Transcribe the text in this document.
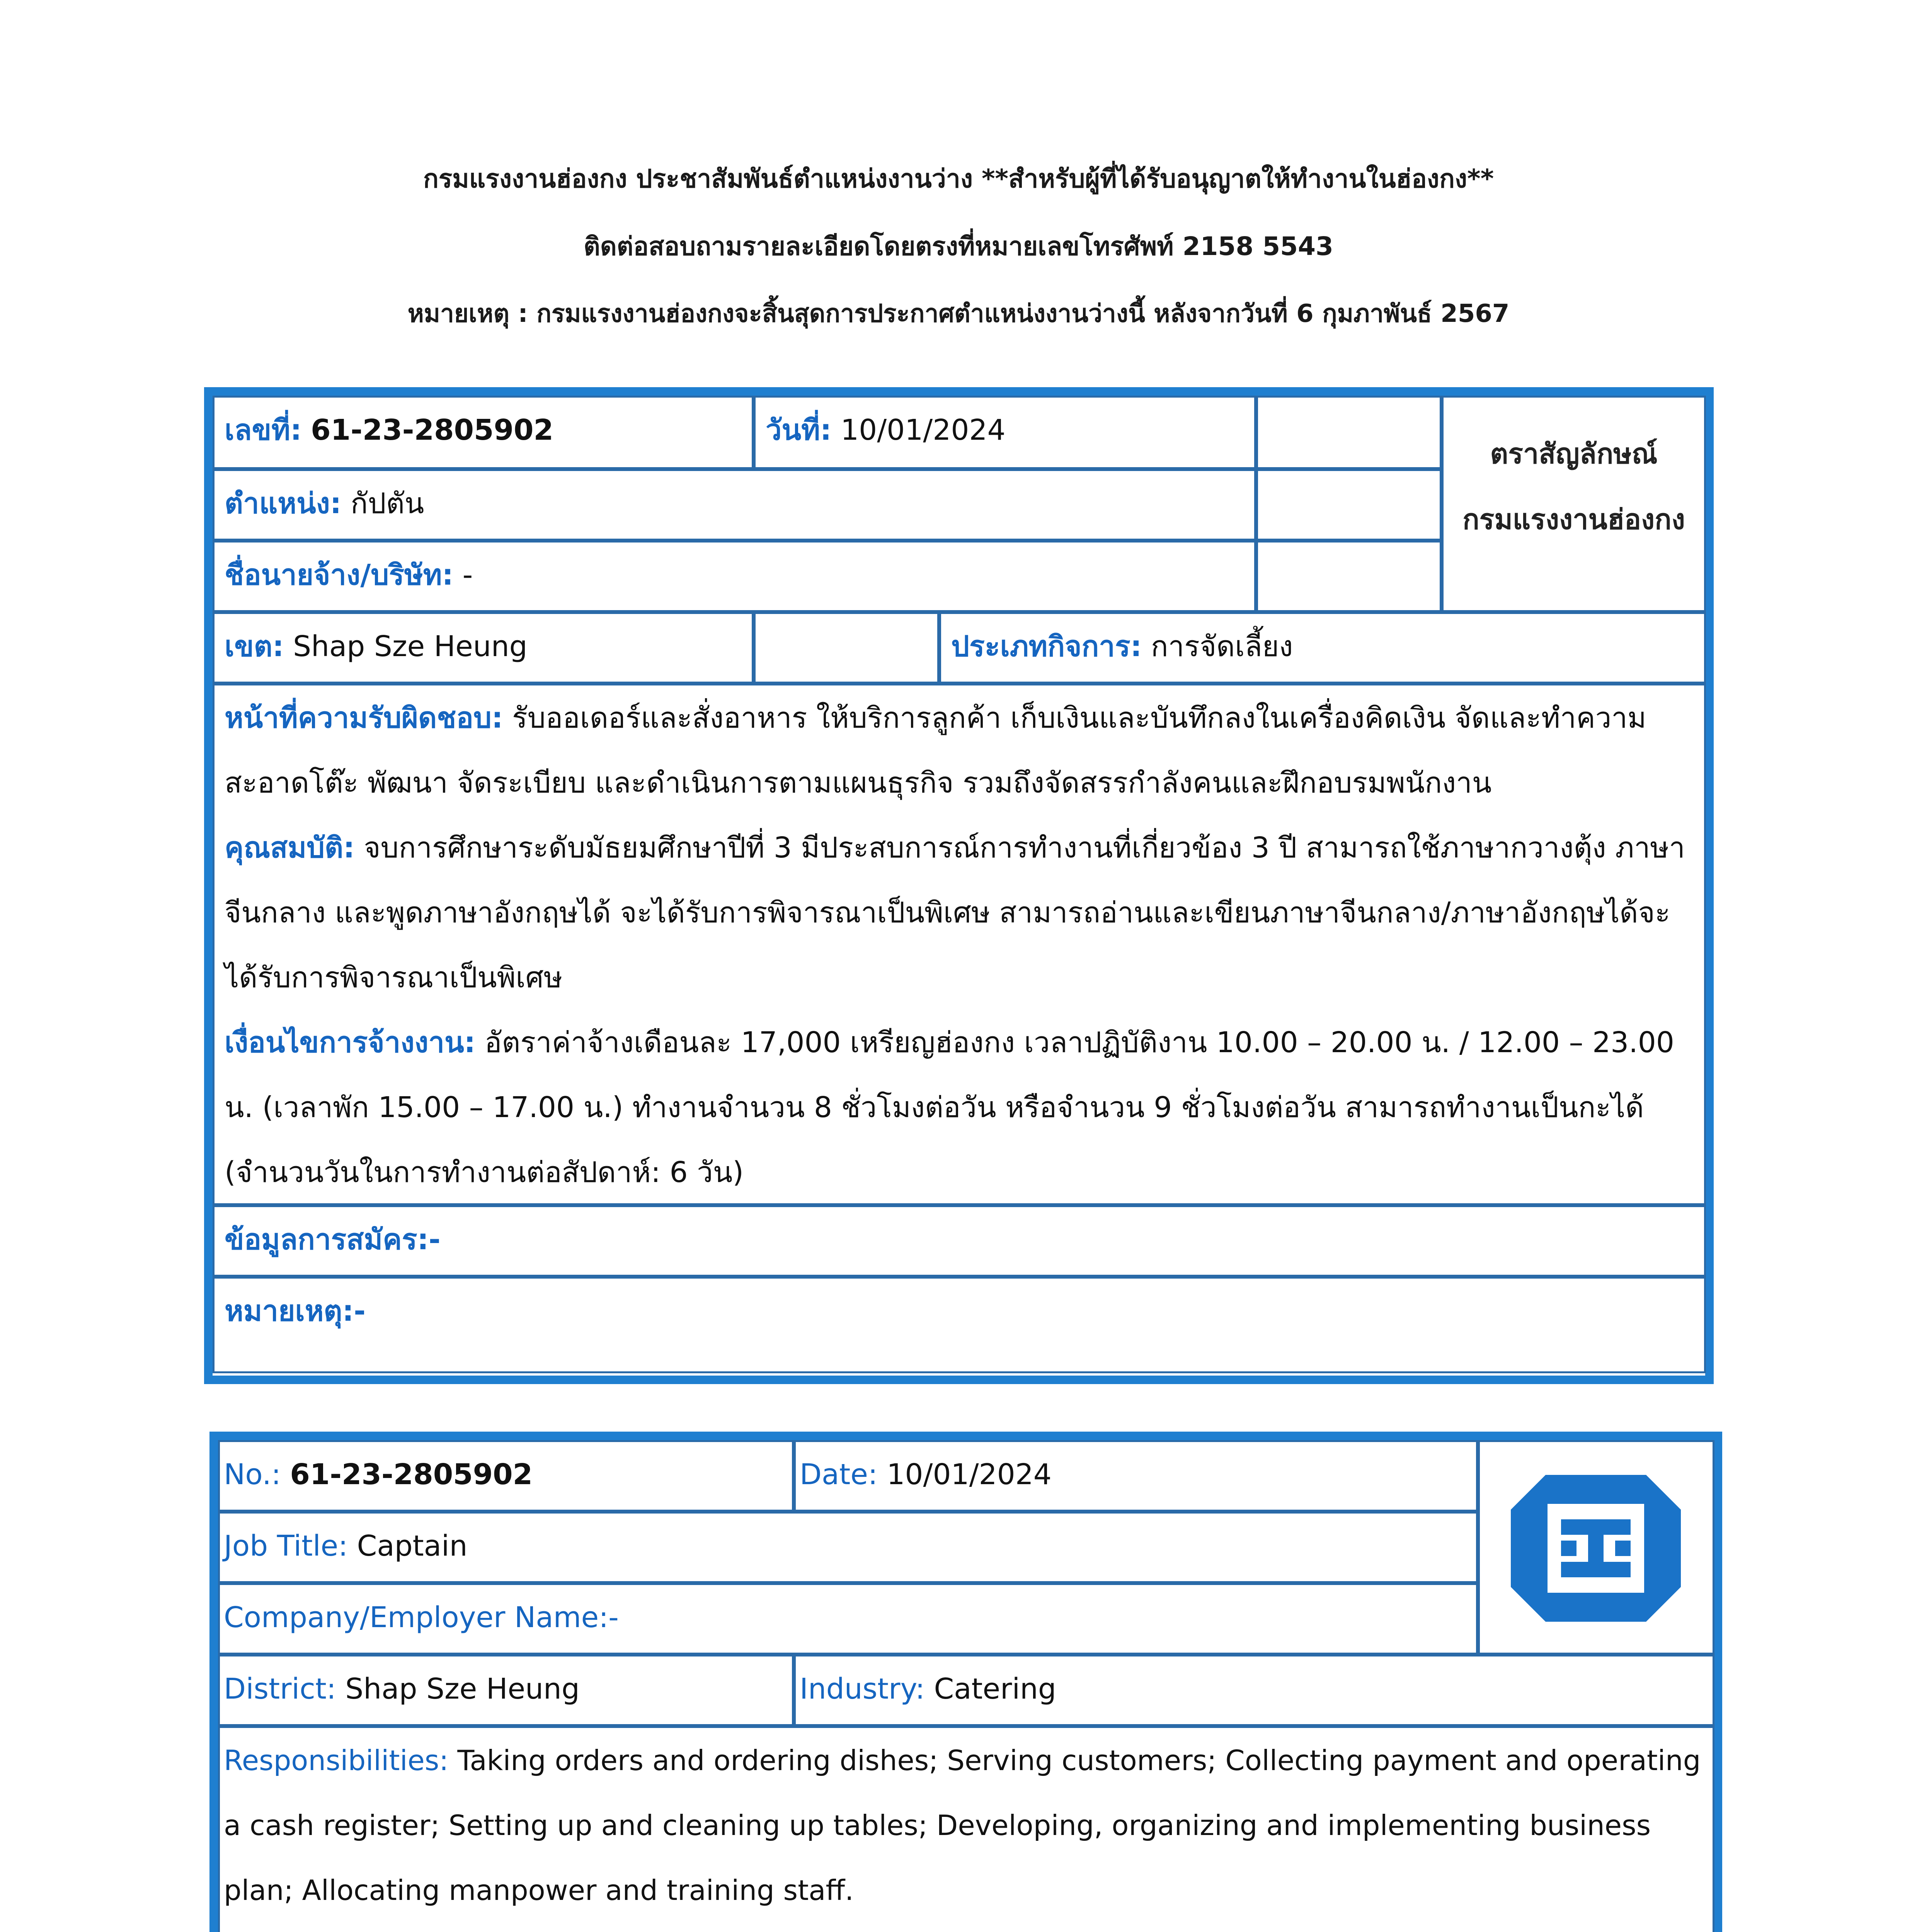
กรมแรงงานฮ่องกง ประชาสัมพันธ์ตำแหน่งงานว่าง **สำหรับผู้ที่ได้รับอนุญาตให้ทำงานในฮ่องกง**
ติดต่อสอบถามรายละเอียดโดยตรงที่หมายเลขโทรศัพท์ 2158 5543
หมายเหตุ : กรมแรงงานฮ่องกงจะสิ้นสุดการประกาศตำแหน่งงานว่างนี้ หลังจากวันที่ 6 กุมภาพันธ์ 2567
เลขที่: 61-23-2805902	วันที่: 10/01/2024
ตราสัญลักษณ์
กรมแรงงานฮ่องกง
ตำแหน่ง: กัปตัน
ชื่อนายจ้าง/บริษัท: -
เขต: Shap Sze Heung	ประเภทกิจการ: การจัดเลี้ยง

หน้าที่ความรับผิดชอบ: รับออเดอร์และสั่งอาหาร ให้บริการลูกค้า เก็บเงินและบันทึกลงในเครื่องคิดเงิน จัดและทำความสะอาดโต๊ะ พัฒนา จัดระเบียบ และดำเนินการตามแผนธุรกิจ รวมถึงจัดสรรกำลังคนและฝึกอบรมพนักงาน

คุณสมบัติ: จบการศึกษาระดับมัธยมศึกษาปีที่ 3 มีประสบการณ์การทำงานที่เกี่ยวข้อง 3 ปี สามารถใช้ภาษากวางตุ้ง ภาษาจีนกลาง และพูดภาษาอังกฤษได้ จะได้รับการพิจารณาเป็นพิเศษ สามารถอ่านและเขียนภาษาจีนกลาง/ภาษาอังกฤษได้จะได้รับการพิจารณาเป็นพิเศษ

เงื่อนไขการจ้างงาน: อัตราค่าจ้างเดือนละ 17,000 เหรียญฮ่องกง เวลาปฏิบัติงาน 10.00 – 20.00 น. / 12.00 – 23.00 น. (เวลาพัก 15.00 – 17.00 น.) ทำงานจำนวน 8 ชั่วโมงต่อวัน หรือจำนวน 9 ชั่วโมงต่อวัน สามารถทำงานเป็นกะได้ (จำนวนวันในการทำงานต่อสัปดาห์: 6 วัน)

ข้อมูลการสมัคร:-
หมายเหตุ:-
No.: 61-23-2805902	Date: 10/01/2024
Job Title: Captain
Company/Employer Name:-
District: Shap Sze Heung	Industry: Catering

Responsibilities: Taking orders and ordering dishes; Serving customers; Collecting payment and operating a cash register; Setting up and cleaning up tables; Developing, organizing and implementing business plan; Allocating manpower and training staff.
